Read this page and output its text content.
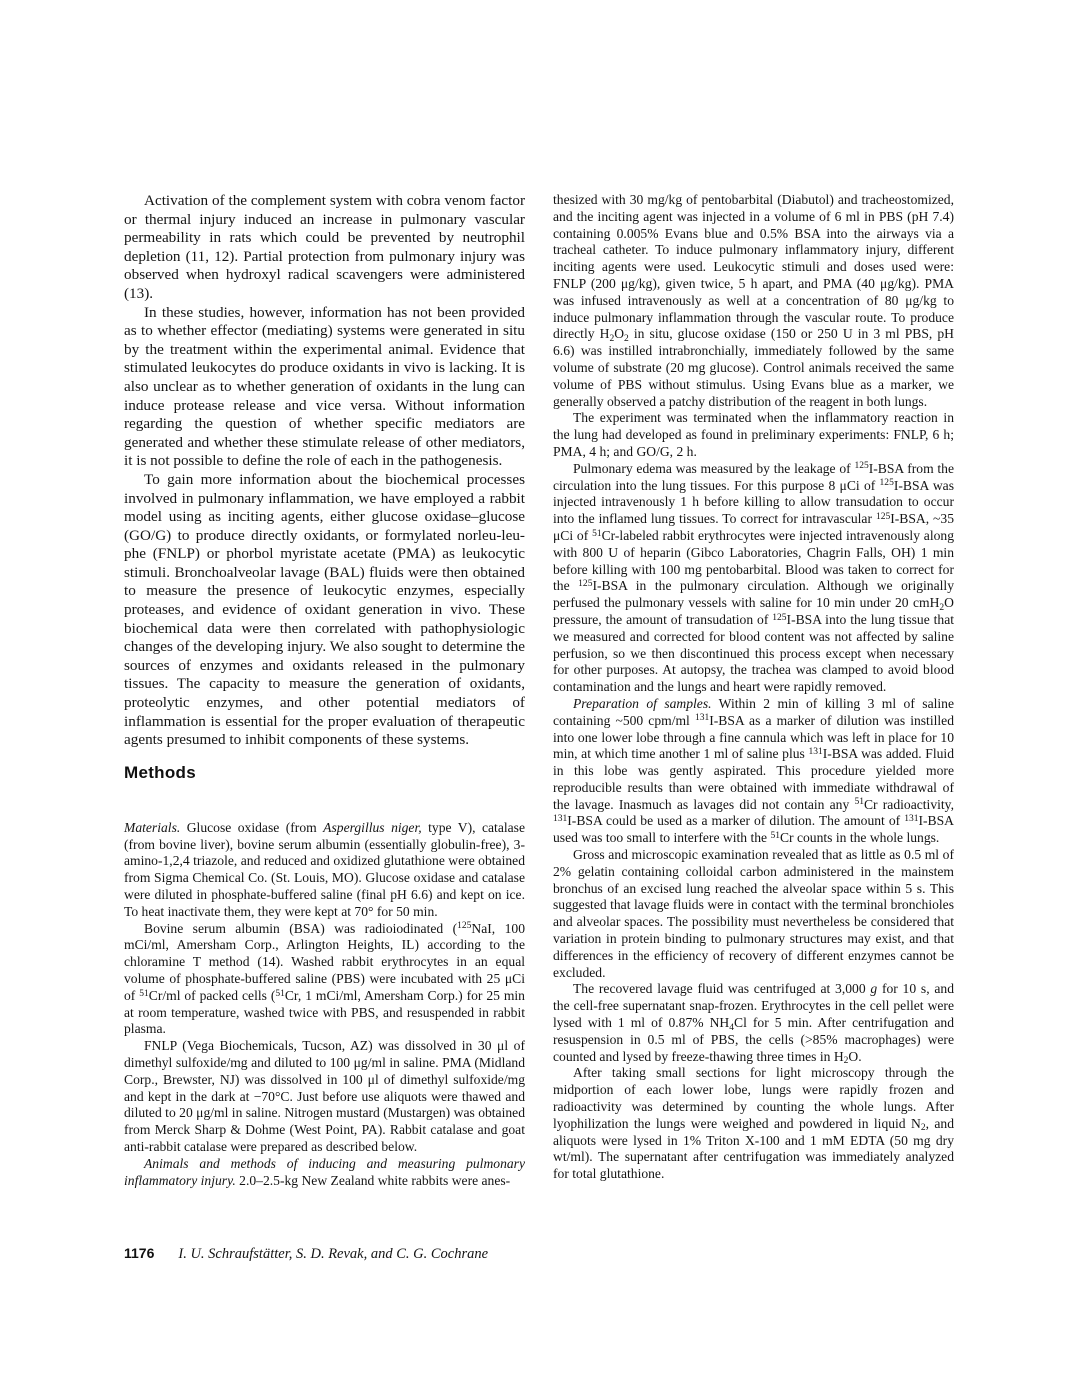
Activation of the complement system with cobra venom factor or thermal injury induced an increase in pulmonary vascular permeability in rats which could be prevented by neutrophil depletion (11, 12). Partial protection from pulmonary injury was observed when hydroxyl radical scavengers were administered (13).

In these studies, however, information has not been provided as to whether effector (mediating) systems were generated in situ by the treatment within the experimental animal. Evidence that stimulated leukocytes do produce oxidants in vivo is lacking. It is also unclear as to whether generation of oxidants in the lung can induce protease release and vice versa. Without information regarding the question of whether specific mediators are generated and whether these stimulate release of other mediators, it is not possible to define the role of each in the pathogenesis.

To gain more information about the biochemical processes involved in pulmonary inflammation, we have employed a rabbit model using as inciting agents, either glucose oxidase–glucose (GO/G) to produce directly oxidants, or formylated norleu-leu-phe (FNLP) or phorbol myristate acetate (PMA) as leukocytic stimuli. Bronchoalveolar lavage (BAL) fluids were then obtained to measure the presence of leukocytic enzymes, especially proteases, and evidence of oxidant generation in vivo. These biochemical data were then correlated with pathophysiologic changes of the developing injury. We also sought to determine the sources of enzymes and oxidants released in the pulmonary tissues. The capacity to measure the generation of oxidants, proteolytic enzymes, and other potential mediators of inflammation is essential for the proper evaluation of therapeutic agents presumed to inhibit components of these systems.

Methods

Materials. Glucose oxidase (from Aspergillus niger, type V), catalase (from bovine liver), bovine serum albumin (essentially globulin-free), 3-amino-1,2,4 triazole, and reduced and oxidized glutathione were obtained from Sigma Chemical Co. (St. Louis, MO). Glucose oxidase and catalase were diluted in phosphate-buffered saline (final pH 6.6) and kept on ice. To heat inactivate them, they were kept at 70° for 50 min.

Bovine serum albumin (BSA) was radioiodinated ($^{125}$NaI, 100 mCi/ml, Amersham Corp., Arlington Heights, IL) according to the chloramine T method (14). Washed rabbit erythrocytes in an equal volume of phosphate-buffered saline (PBS) were incubated with 25 μCi of $^{51}$Cr/ml of packed cells ($^{51}$Cr, 1 mCi/ml, Amersham Corp.) for 25 min at room temperature, washed twice with PBS, and resuspended in rabbit plasma.

FNLP (Vega Biochemicals, Tucson, AZ) was dissolved in 30 μl of dimethyl sulfoxide/mg and diluted to 100 μg/ml in saline. PMA (Midland Corp., Brewster, NJ) was dissolved in 100 μl of dimethyl sulfoxide/mg and kept in the dark at −70°C. Just before use aliquots were thawed and diluted to 20 μg/ml in saline. Nitrogen mustard (Mustargen) was obtained from Merck Sharp & Dohme (West Point, PA). Rabbit catalase and goat anti-rabbit catalase were prepared as described below.

Animals and methods of inducing and measuring pulmonary inflammatory injury. 2.0–2.5-kg New Zealand white rabbits were anes-

thesized with 30 mg/kg of pentobarbital (Diabutol) and tracheostomized, and the inciting agent was injected in a volume of 6 ml in PBS (pH 7.4) containing 0.005% Evans blue and 0.5% BSA into the airways via a tracheal catheter. To induce pulmonary inflammatory injury, different inciting agents were used. Leukocytic stimuli and doses used were: FNLP (200 μg/kg), given twice, 5 h apart, and PMA (40 μg/kg). PMA was infused intravenously as well at a concentration of 80 μg/kg to induce pulmonary inflammation through the vascular route. To produce directly $H_2O_2$ in situ, glucose oxidase (150 or 250 U in 3 ml PBS, pH 6.6) was instilled intrabronchially, immediately followed by the same volume of substrate (20 mg glucose). Control animals received the same volume of PBS without stimulus. Using Evans blue as a marker, we generally observed a patchy distribution of the reagent in both lungs.

The experiment was terminated when the inflammatory reaction in the lung had developed as found in preliminary experiments: FNLP, 6 h; PMA, 4 h; and GO/G, 2 h.

Pulmonary edema was measured by the leakage of $^{125}$I-BSA from the circulation into the lung tissues. For this purpose 8 μCi of $^{125}$I-BSA was injected intravenously 1 h before killing to allow transudation to occur into the inflamed lung tissues. To correct for intravascular $^{125}$I-BSA, ~35 μCi of $^{51}$Cr-labeled rabbit erythrocytes were injected intravenously along with 800 U of heparin (Gibco Laboratories, Chagrin Falls, OH) 1 min before killing with 100 mg pentobarbital. Blood was taken to correct for the $^{125}$I-BSA in the pulmonary circulation. Although we originally perfused the pulmonary vessels with saline for 10 min under 20 cmH$_2$O pressure, the amount of transudation of $^{125}$I-BSA into the lung tissue that we measured and corrected for blood content was not affected by saline perfusion, so we then discontinued this process except when necessary for other purposes. At autopsy, the trachea was clamped to avoid blood contamination and the lungs and heart were rapidly removed.

Preparation of samples. Within 2 min of killing 3 ml of saline containing ~500 cpm/ml $^{131}$I-BSA as a marker of dilution was instilled into one lower lobe through a fine cannula which was left in place for 10 min, at which time another 1 ml of saline plus $^{131}$I-BSA was added. Fluid in this lobe was gently aspirated. This procedure yielded more reproducible results than were obtained with immediate withdrawal of the lavage. Inasmuch as lavages did not contain any $^{51}$Cr radioactivity, $^{131}$I-BSA could be used as a marker of dilution. The amount of $^{131}$I-BSA used was too small to interfere with the $^{51}$Cr counts in the whole lungs.

Gross and microscopic examination revealed that as little as 0.5 ml of 2% gelatin containing colloidal carbon administered in the mainstem bronchus of an excised lung reached the alveolar space within 5 s. This suggested that lavage fluids were in contact with the terminal bronchioles and alveolar spaces. The possibility must nevertheless be considered that variation in protein binding to pulmonary structures may exist, and that differences in the efficiency of recovery of different enzymes cannot be excluded.

The recovered lavage fluid was centrifuged at 3,000 g for 10 s, and the cell-free supernatant snap-frozen. Erythrocytes in the cell pellet were lysed with 1 ml of 0.87% $NH_4Cl$ for 5 min. After centrifugation and resuspension in 0.5 ml of PBS, the cells (>85% macrophages) were counted and lysed by freeze-thawing three times in $H_2O$.

After taking small sections for light microscopy through the midportion of each lower lobe, lungs were rapidly frozen and radioactivity was determined by counting the whole lungs. After lyophilization the lungs were weighed and powdered in liquid $N_2$, and aliquots were lysed in 1% Triton X-100 and 1 mM EDTA (50 mg dry wt/ml). The supernatant after centrifugation was immediately analyzed for total glutathione.

1176 I. U. Schraufstätter, S. D. Revak, and C. G. Cochrane
